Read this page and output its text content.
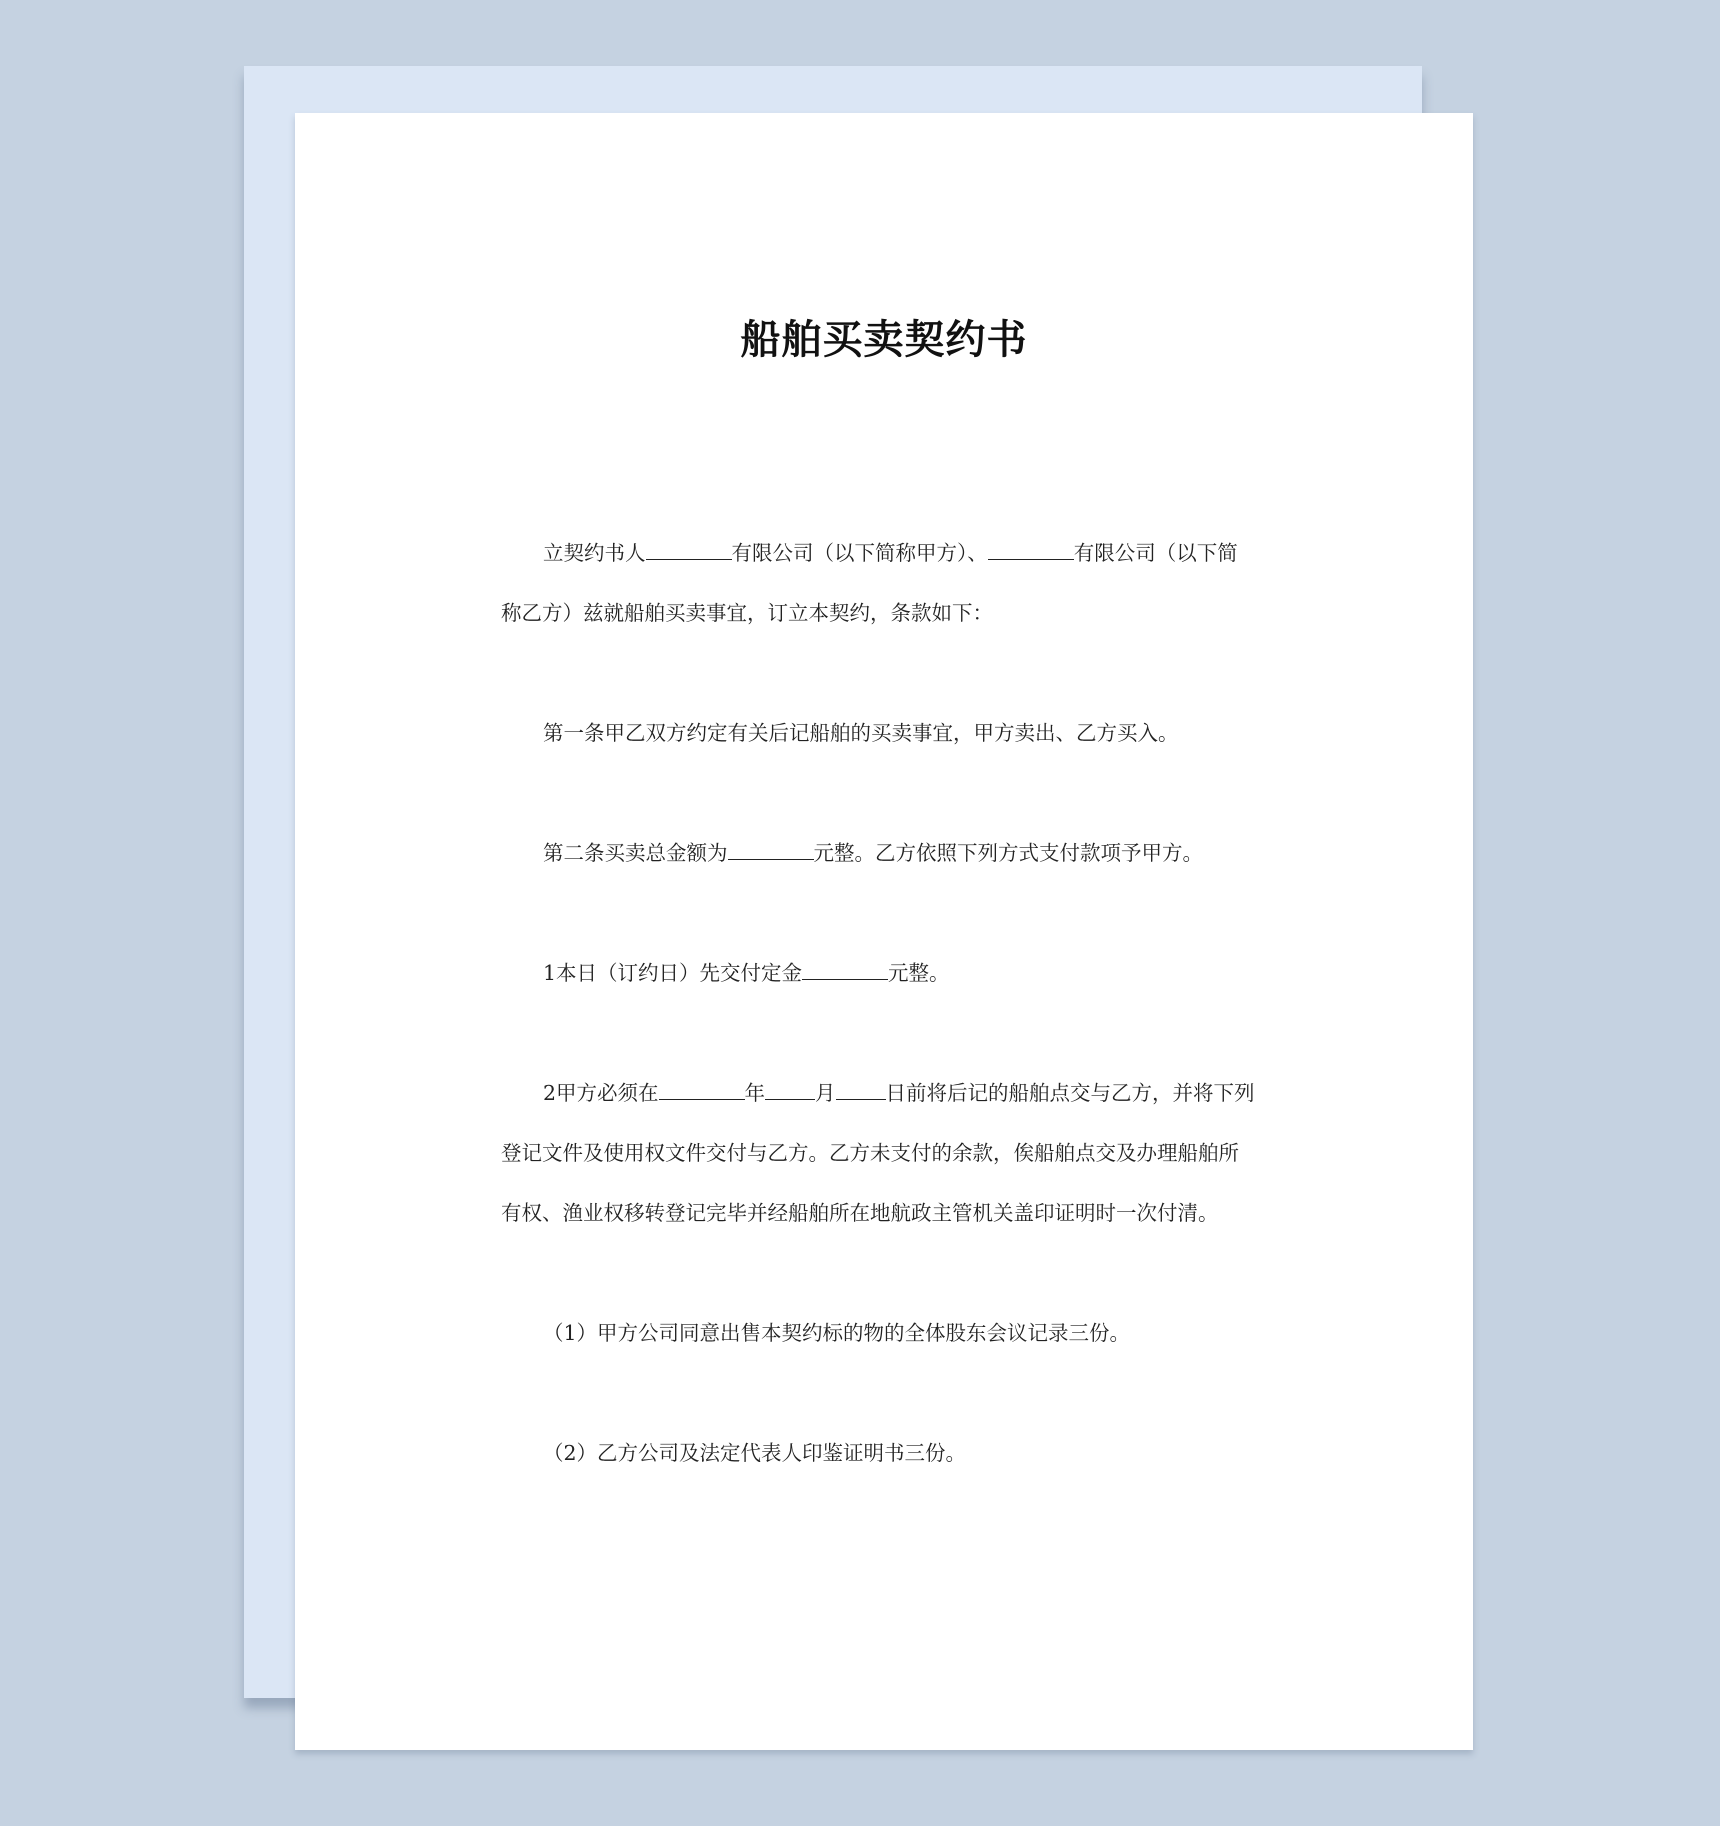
船舶买卖契约书

立契约书人	有限公司（以下简称甲方）、	有限公司（以下简

称乙方）兹就船舶买卖事宜，订立本契约，条款如下：

第一条甲乙双方约定有关后记船舶的买卖事宜，甲方卖出、乙方买入。

第二条买卖总金额为	元整。乙方依照下列方式支付款项予甲方。

1本日（订约日）先交付定金	元整。

2甲方必须在	年 月 日前将后记的船舶点交与乙方，并将下列

登记文件及使用权文件交付与乙方。乙方未支付的余款，俟船舶点交及办理船舶所

有权、渔业权移转登记完毕并经船舶所在地航政主管机关盖印证明时一次付清。

（1）甲方公司同意出售本契约标的物的全体股东会议记录三份。

（2）乙方公司及法定代表人印鉴证明书三份。
